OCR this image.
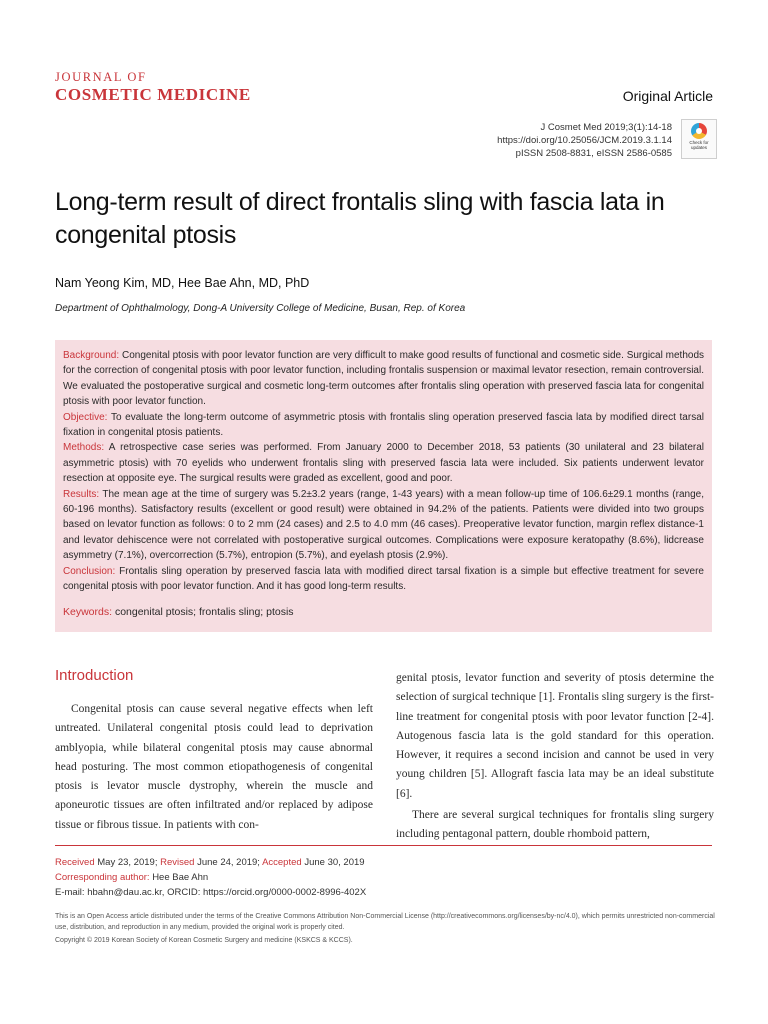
JOURNAL OF
COSMETIC MEDICINE	Original Article
J Cosmet Med 2019;3(1):14-18
https://doi.org/10.25056/JCM.2019.3.1.14
pISSN 2508-8831, eISSN 2586-0585
Check for
updates
Long-term result of direct frontalis sling with fascia lata in congenital ptosis
Nam Yeong Kim, MD, Hee Bae Ahn, MD, PhD
Department of Ophthalmology, Dong-A University College of Medicine, Busan, Rep. of Korea

Background: Congenital ptosis with poor levator function are very difficult to make good results of functional and cosmetic side. Surgical methods for the correction of congenital ptosis with poor levator function, including frontalis suspension or maximal levator resection, remain controversial. We evaluated the postoperative surgical and cosmetic long-term outcomes after frontalis sling operation with preserved fascia lata for congenital ptosis with poor levator function.

Objective: To evaluate the long-term outcome of asymmetric ptosis with frontalis sling operation preserved fascia lata by modified direct tarsal fixation in congenital ptosis patients.

Methods: A retrospective case series was performed. From January 2000 to December 2018, 53 patients (30 unilateral and 23 bilateral asymmetric ptosis) with 70 eyelids who underwent frontalis sling with preserved fascia lata were included. Six patients underwent levator resection at opposite eye. The surgical results were graded as excellent, good and poor.

Results: The mean age at the time of surgery was 5.2±3.2 years (range, 1-43 years) with a mean follow-up time of 106.6±29.1 months (range, 60-196 months). Satisfactory results (excellent or good result) were obtained in 94.2% of the patients. Patients were divided into two groups based on levator function as follows: 0 to 2 mm (24 cases) and 2.5 to 4.0 mm (46 cases). Preoperative levator function, margin reflex distance-1 and levator dehiscence were not correlated with postoperative surgical outcomes. Complications were exposure keratopathy (8.6%), lidcrease asymmetry (7.1%), overcorrection (5.7%), entropion (5.7%), and eyelash ptosis (2.9%).

Conclusion: Frontalis sling operation by preserved fascia lata with modified direct tarsal fixation is a simple but effective treatment for severe congenital ptosis with poor levator function. And it has good long-term results.

Keywords: congenital ptosis; frontalis sling; ptosis
Introduction

Congenital ptosis can cause several negative effects when left untreated. Unilateral congenital ptosis could lead to deprivation amblyopia, while bilateral congenital ptosis may cause abnormal head posturing. The most common etiopathogenesis of congenital ptosis is levator muscle dystrophy, wherein the muscle and aponeurotic tissues are often infiltrated and/or replaced by adipose tissue or fibrous tissue. In patients with con-

genital ptosis, levator function and severity of ptosis determine the selection of surgical technique [1]. Frontalis sling surgery is the first-line treatment for congenital ptosis with poor levator function [2-4]. Autogenous fascia lata is the gold standard for this operation. However, it requires a second incision and cannot be used in very young children [5]. Allograft fascia lata may be an ideal substitute [6].

There are several surgical techniques for frontalis sling surgery including pentagonal pattern, double rhomboid pattern,

Received May 23, 2019; Revised June 24, 2019; Accepted June 30, 2019
Corresponding author: Hee Bae Ahn
E-mail: hbahn@dau.ac.kr, ORCID: https://orcid.org/0000-0002-8996-402X

This is an Open Access article distributed under the terms of the Creative Commons Attribution Non-Commercial License (http://creativecommons.org/licenses/by-nc/4.0), which permits unrestricted non-commercial use, distribution, and reproduction in any medium, provided the original work is properly cited.

Copyright © 2019 Korean Society of Korean Cosmetic Surgery and medicine (KSKCS & KCCS).
